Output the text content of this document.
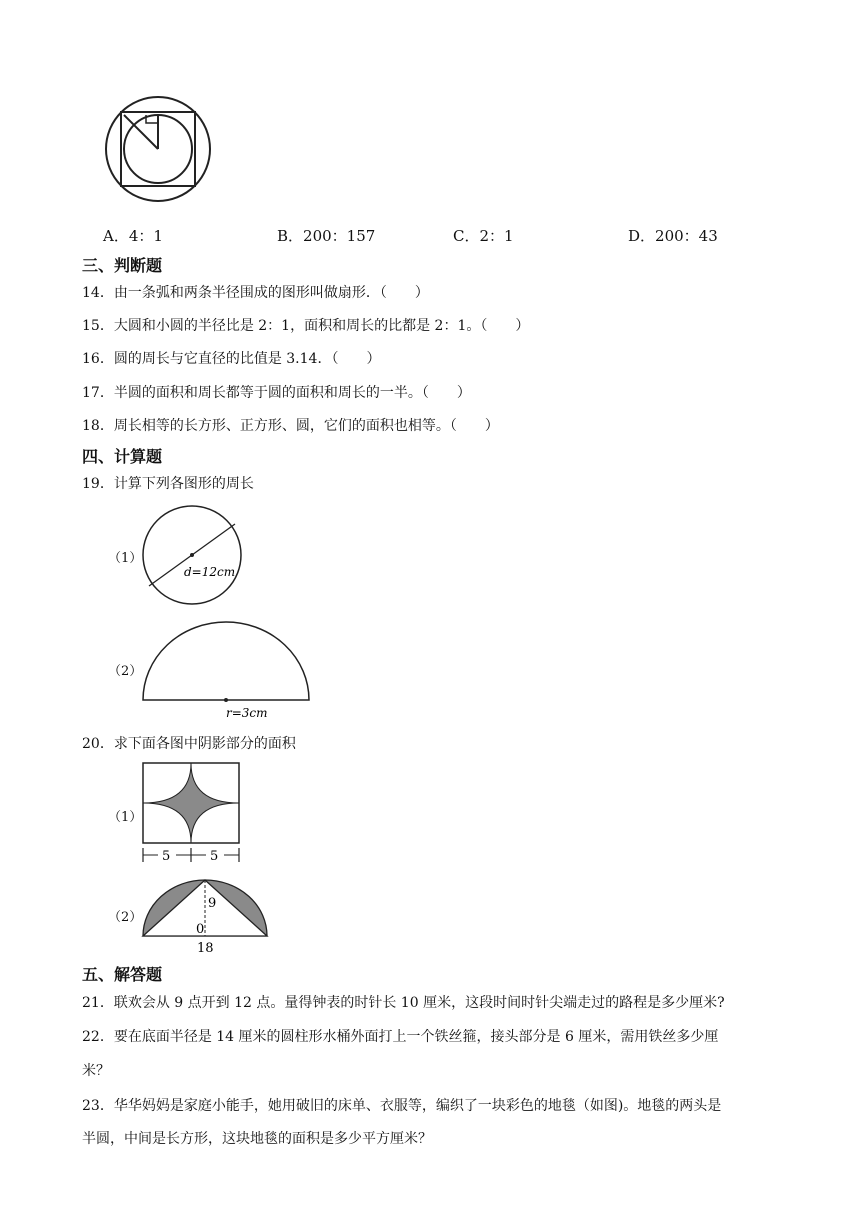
A．4：1	B．200：157	C．2：1	D．200：43
三、判断题
14．由一条弧和两条半径围成的图形叫做扇形．（　　）
15．大圆和小圆的半径比是 2：1，面积和周长的比都是 2：1。（　　）
16．圆的周长与它直径的比值是 3.14．（　　）
17．半圆的面积和周长都等于圆的面积和周长的一半。（　　）
18．周长相等的长方形、正方形、圆，它们的面积也相等。（　　）
四、计算题
19．计算下列各图形的周长
（1）
d=12cm
（2）
r=3cm
20．求下面各图中阴影部分的面积
（1）
5	5
（2）
9
0
18
五、解答题
21．联欢会从 9 点开到 12 点。量得钟表的时针长 10 厘米，这段时间时针尖端走过的路程是多少厘米?
22．要在底面半径是 14 厘米的圆柱形水桶外面打上一个铁丝箍，接头部分是 6 厘米，需用铁丝多少厘
米？
23．华华妈妈是家庭小能手，她用破旧的床单、衣服等，编织了一块彩色的地毯（如图)。地毯的两头是
半圆，中间是长方形，这块地毯的面积是多少平方厘米？
